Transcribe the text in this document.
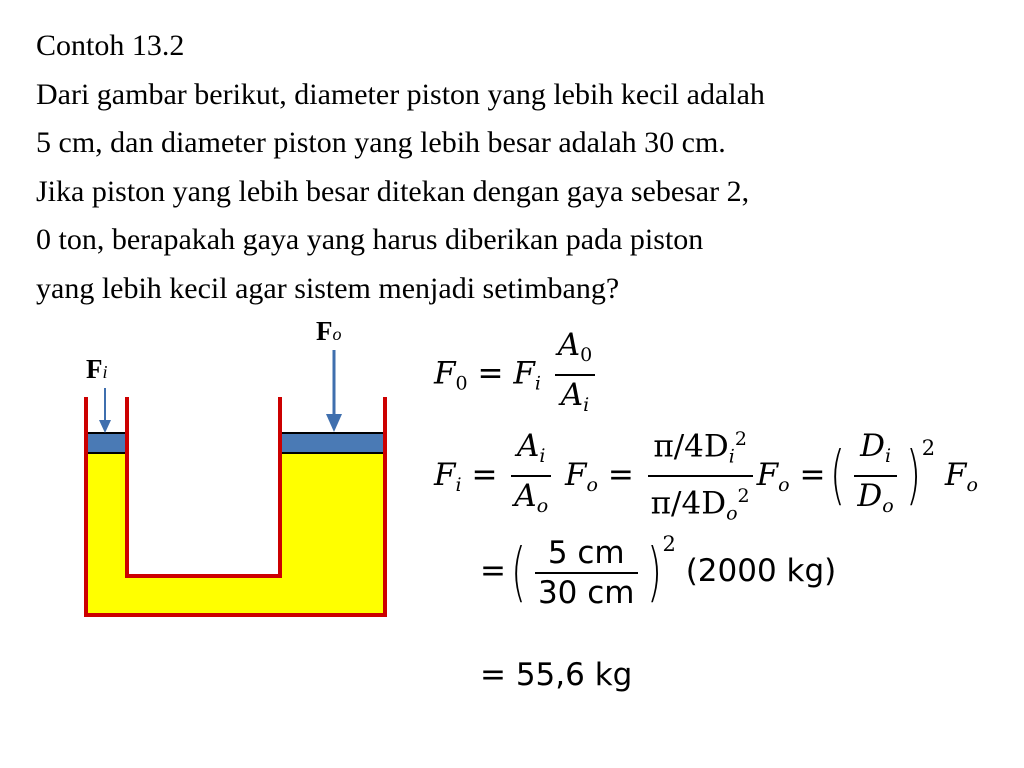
Contoh 13.2
Dari gambar berikut, diameter piston yang lebih kecil adalah
5 cm, dan diameter piston yang lebih besar adalah 30 cm.
Jika piston yang lebih besar ditekan dengan gaya sebesar 2,
0 ton, berapakah gaya yang harus diberikan pada piston
yang lebih kecil agar sistem menjadi setimbang?
Fo
Fi	$F_0 = F_i \frac{A_0}{A_i}$
$F_i = \frac{A_i}{A_o} F_o = \frac{\pi/4D_i^2}{\pi/4D_o^2} F_o$ =( $\frac{D_i}{D_o} )^2$ $F_o$
=( $\frac{5 cm}{30 cm} )^2$ (2000 kg)
= 55,6 kg
